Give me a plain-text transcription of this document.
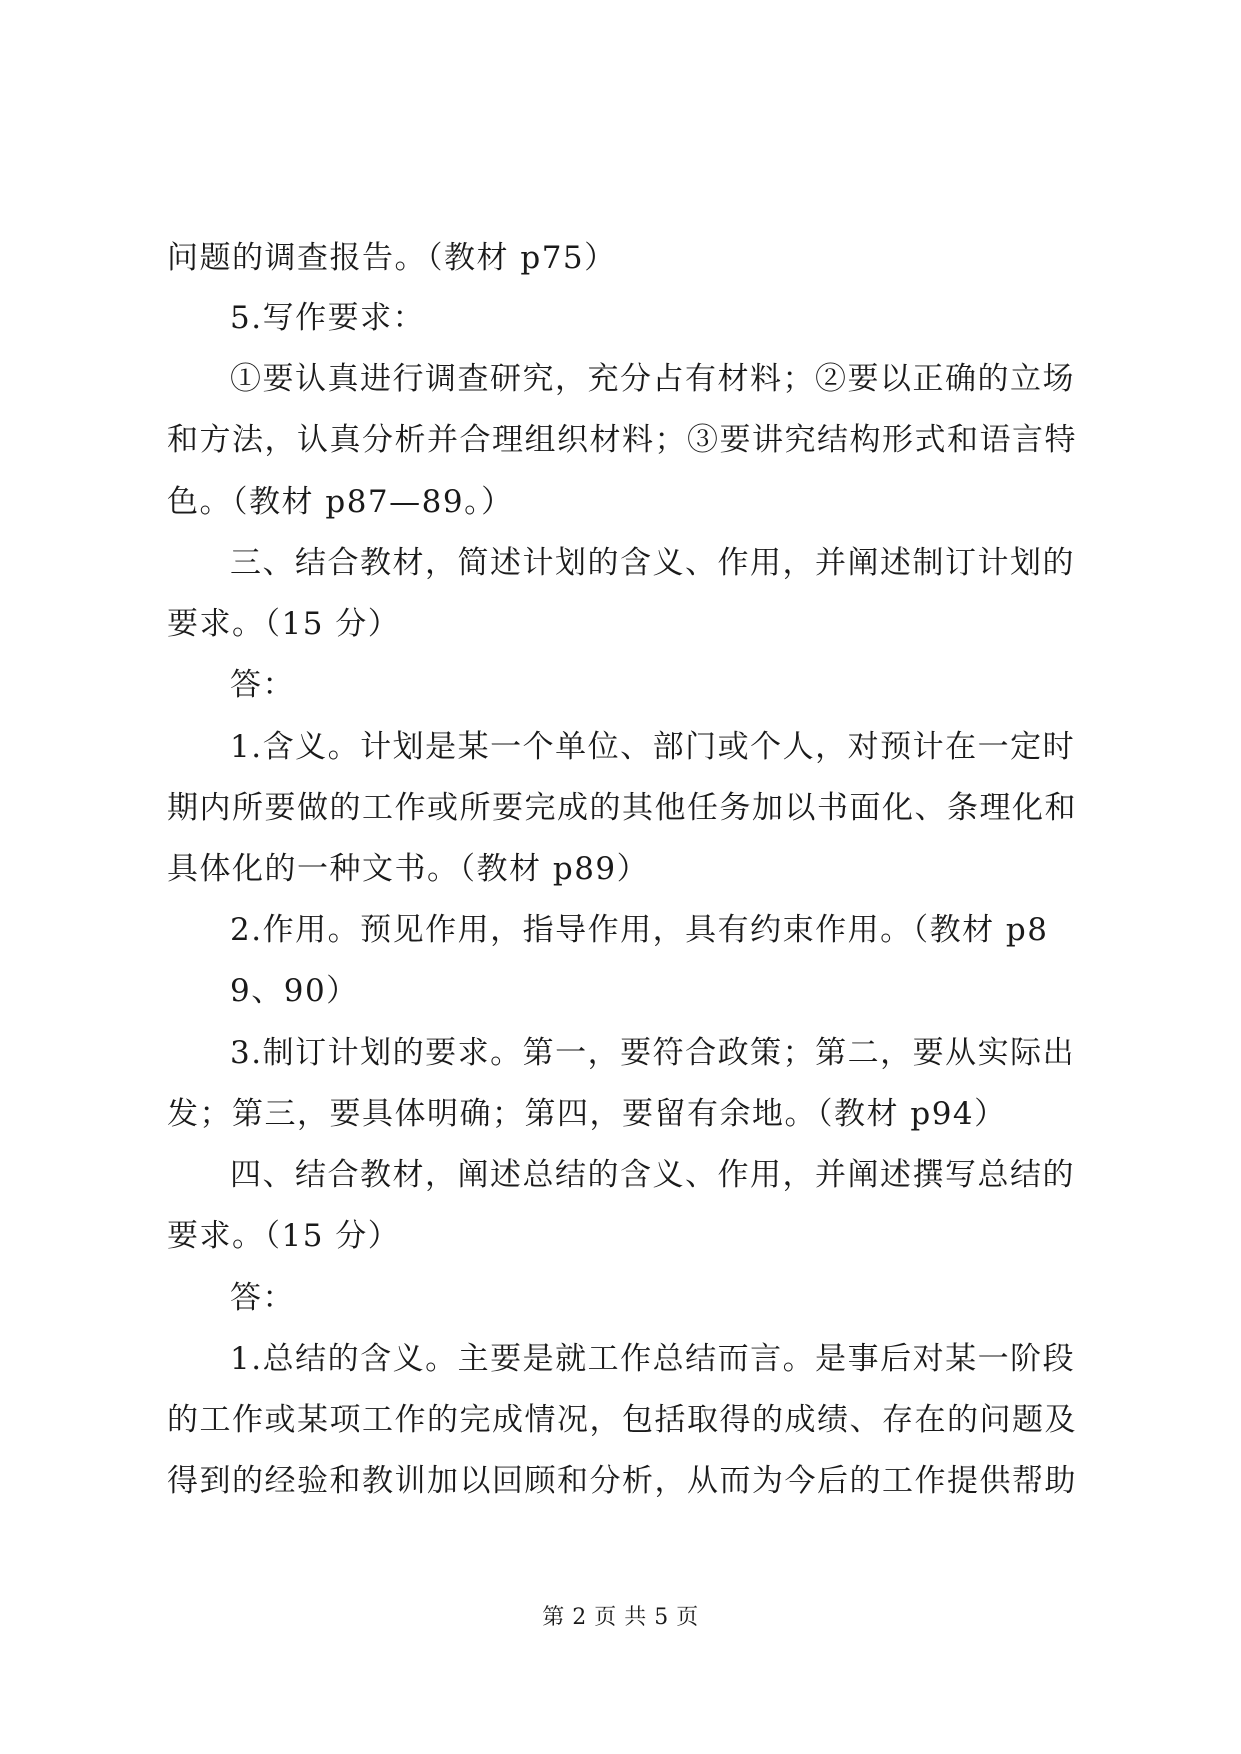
问题的调查报告。（教材 p75）
5.写作要求：
①要认真进行调查研究，充分占有材料；②要以正确的立场
和方法，认真分析并合理组织材料；③要讲究结构形式和语言特
色。（教材 p87—89。）
三、结合教材，简述计划的含义、作用，并阐述制订计划的
要求。（15 分）
答：
1.含义。计划是某一个单位、部门或个人，对预计在一定时
期内所要做的工作或所要完成的其他任务加以书面化、条理化和
具体化的一种文书。（教材 p89）
2.作用。预见作用，指导作用，具有约束作用。（教材 p8
9、90）
3.制订计划的要求。第一，要符合政策；第二，要从实际出
发；第三，要具体明确；第四，要留有余地。（教材 p94）
四、结合教材，阐述总结的含义、作用，并阐述撰写总结的
要求。（15 分）
答：
1.总结的含义。主要是就工作总结而言。是事后对某一阶段
的工作或某项工作的完成情况，包括取得的成绩、存在的问题及
得到的经验和教训加以回顾和分析，从而为今后的工作提供帮助
第 2 页 共 5 页
